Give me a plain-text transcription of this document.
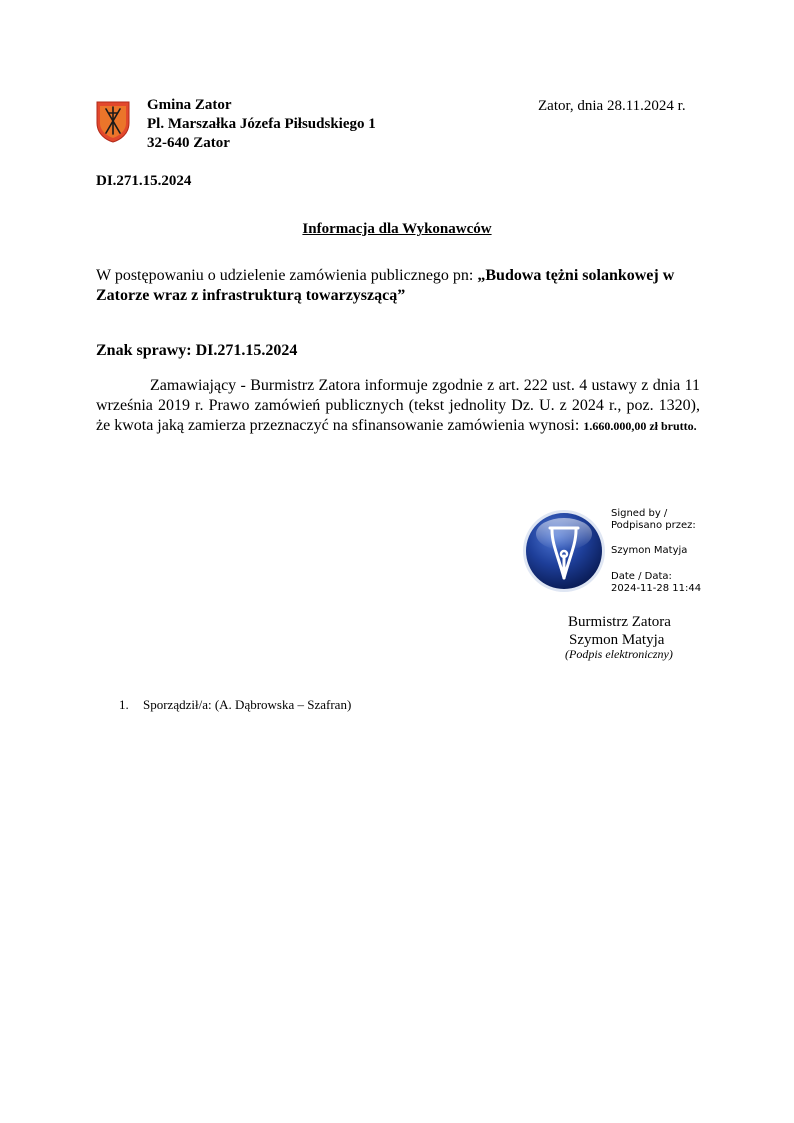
Gmina Zator
Pl. Marszałka Józefa Piłsudskiego 1
32-640 Zator
Zator, dnia 28.11.2024 r.
DI.271.15.2024
Informacja dla Wykonawców
W postępowaniu o udzielenie zamówienia publicznego pn: „Budowa tężni solankowej w Zatorze wraz z infrastrukturą towarzyszącą”
Znak sprawy: DI.271.15.2024
Zamawiający - Burmistrz Zatora informuje zgodnie z art. 222 ust. 4 ustawy z dnia 11 września 2019 r. Prawo zamówień publicznych (tekst jednolity Dz. U. z 2024 r., poz. 1320), że kwota jaką zamierza przeznaczyć na sfinansowanie zamówienia wynosi: 1.660.000,00 zł brutto.
Signed by /
Podpisano przez:
Szymon Matyja
Date / Data:
2024-11-28 11:44
Burmistrz Zatora
Szymon Matyja
(Podpis elektroniczny)
1. Sporządził/a: (A. Dąbrowska – Szafran)
